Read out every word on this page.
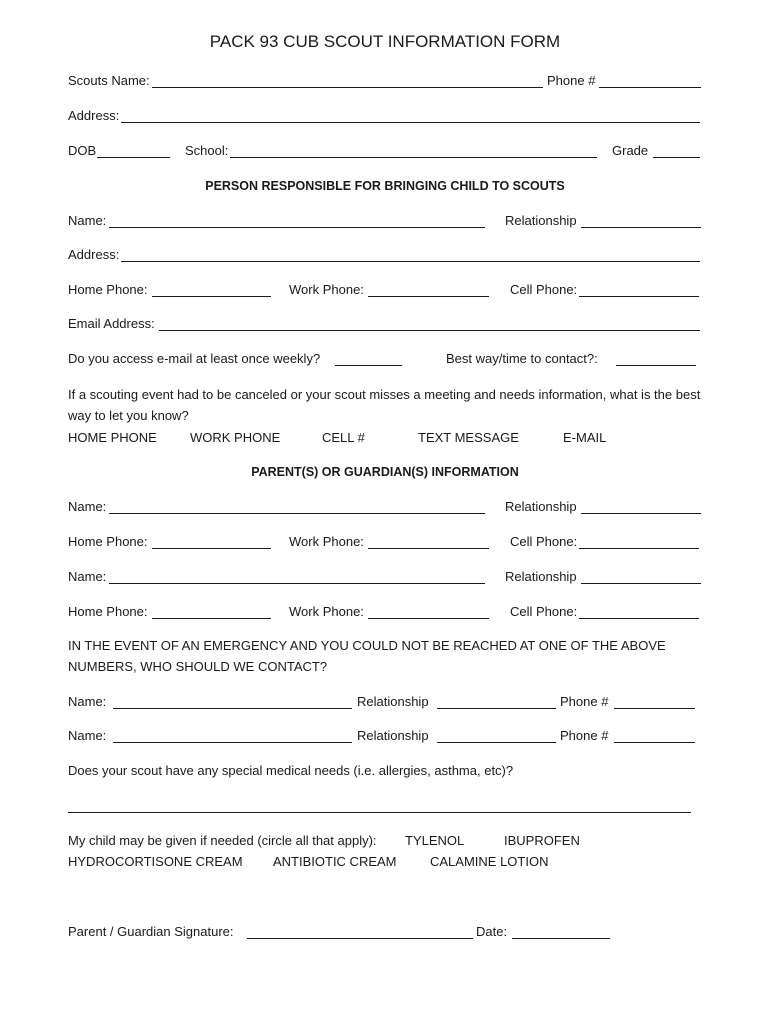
PACK 93 CUB SCOUT INFORMATION FORM
Scouts Name:	Phone #
Address:
DOB	School:	Grade
PERSON RESPONSIBLE FOR BRINGING CHILD TO SCOUTS
Name:	Relationship
Address:
Home Phone:	Work Phone:	Cell Phone:
Email Address:
Do you access e-mail at least once weekly?	Best way/time to contact?:
If a scouting event had to be canceled or your scout misses a meeting and needs information, what is the best way to let you know?
HOME PHONE	WORK PHONE	CELL #	TEXT MESSAGE	E-MAIL
PARENT(S) OR GUARDIAN(S) INFORMATION
Name:	Relationship
Home Phone:	Work Phone:	Cell Phone:
Name:	Relationship
Home Phone:	Work Phone:	Cell Phone:
IN THE EVENT OF AN EMERGENCY AND YOU COULD NOT BE REACHED AT ONE OF THE ABOVE NUMBERS, WHO SHOULD WE CONTACT?
Name:	Relationship	Phone #
Name:	Relationship	Phone #
Does your scout have any special medical needs (i.e. allergies, asthma, etc)?
My child may be given if needed (circle all that apply): TYLENOL	IBUPROFEN
HYDROCORTISONE CREAM ANTIBIOTIC CREAM	CALAMINE LOTION
Parent / Guardian Signature:	Date:
